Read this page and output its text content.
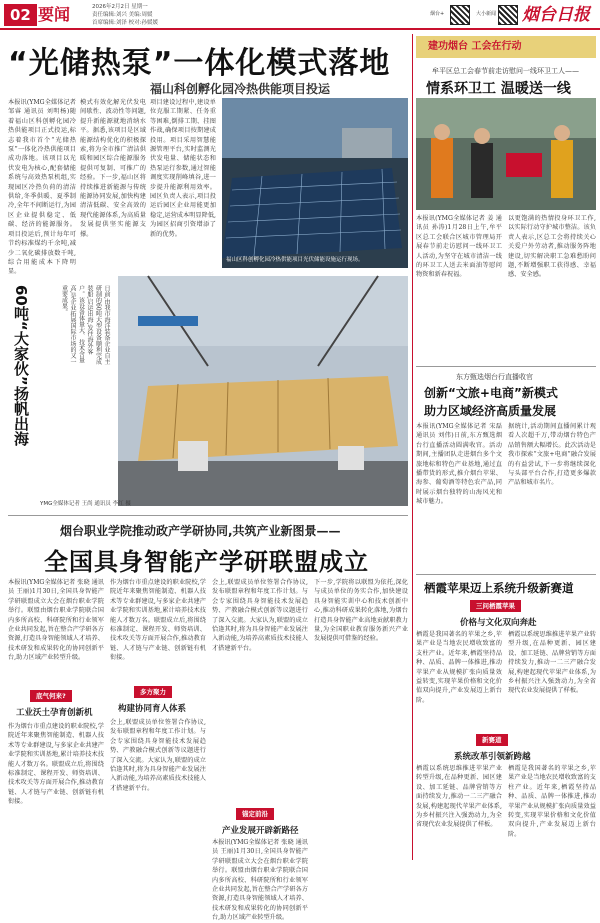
02 要闻	2026年2月2日 星期一
责任编辑:刘兴 美编:周媛
首席编辑:刘泽 校对:孙媛媛
烟台+	大小新闻 烟台日报
“光储热泵”一体化模式落地
福山科创孵化园冷热供能项目投运
本报讯(YMG全媒体记者 邹睿 通讯员 刘明杨)随着福山区科创孵化园冷热供能项目正式投运,标志着我市首个“光储热泵”一体化冷热供能项目成功落地。该项目以光伏发电为核心,配套储能系统与高效热泵机组,实现园区冷热负荷的清洁供给,冬季供暖、夏季制冷,全年不间断运行,为园区企业提供稳定、低碳、经济的能源服务。项目投运后,预计每年可节约标准煤约千余吨,减少二氧化碳排放数千吨,综合用能成本下降明显。
模式有效化解光伏发电间歇性、波动性等问题,提升新能源就地消纳水平。据悉,该项目是区域能源结构优化的积极探索,将为全市推广清洁供暖和园区综合能源服务提供可复制、可推广的经验。下一步,福山区将持续推进新能源与传统能源协同发展,加快构建清洁低碳、安全高效的现代能源体系,为高质量发展提供坚实能源支撑。
项目建设过程中,建设单位克服工期紧、任务重等困难,倒排工期、挂图作战,确保项目按期建成投用。项目采用智慧能源管理平台,实时监测光伏发电量、储能状态和热泵运行参数,通过智能调度实现削峰填谷,进一步提升能源利用效率。园区负责人表示,项目投运后园区企业用能更加稳定,运营成本明显降低,为园区招商引资增添了新的优势。
福山区科创孵化园冷热供能项目光伏储能设施运行现场。
60吨“大家伙”扬帆出海	日前,由我市海洋装备企业自主研制的60吨大型设备顺利完成装船,启运出海,发往海外客户。该设备体量大、技术含量高,是企业拓展国际市场的又一重要成果。
YMG全媒体记者 王尚 通讯员 李红 摄
烟台职业学院推动政产学研协同,共筑产业新图景——
全国具身智能产学研联盟成立
本报讯(YMG全媒体记者 张晓 通讯员 王丽)1月30日,全国具身智能产学研联盟成立大会在烟台职业学院举行。联盟由烟台职业学院联合国内多所高校、科研院所和行业领军企业共同发起,旨在整合产学研各方资源,打造具身智能领域人才培养、技术研发和成果转化的协同创新平台,助力区域产业转型升级。
底气何来?
工业沃土孕育创新机
作为烟台市重点建设的职业院校,学院近年来聚焦智能制造、机器人技术等专业群建设,与多家企业共建产业学院和实训基地,累计培养技术技能人才数万名。联盟成立后,将围绕标准制定、课程开发、师资培训、技术攻关等方面开展合作,推动教育链、人才链与产业链、创新链有机衔接。
作为烟台市重点建设的职业院校,学院近年来聚焦智能制造、机器人技术等专业群建设,与多家企业共建产业学院和实训基地,累计培养技术技能人才数万名。联盟成立后,将围绕标准制定、课程开发、师资培训、技术攻关等方面开展合作,推动教育链、人才链与产业链、创新链有机衔接。
多方聚力
构建协同育人体系
会上,联盟成员单位签署合作协议,发布联盟章程和年度工作计划。与会专家围绕具身智能技术发展趋势、产教融合模式创新等议题进行了深入交流。大家认为,联盟的成立恰逢其时,将为具身智能产业发展注入新动能,为培养高素质技术技能人才搭建新平台。
会上,联盟成员单位签署合作协议,发布联盟章程和年度工作计划。与会专家围绕具身智能技术发展趋势、产教融合模式创新等议题进行了深入交流。大家认为,联盟的成立恰逢其时,将为具身智能产业发展注入新动能,为培养高素质技术技能人才搭建新平台。
锚定前沿
产业发展开辟新路径
本报讯(YMG全媒体记者 张晓 通讯员 王丽)1月30日,全国具身智能产学研联盟成立大会在烟台职业学院举行。联盟由烟台职业学院联合国内多所高校、科研院所和行业领军企业共同发起,旨在整合产学研各方资源,打造具身智能领域人才培养、技术研发和成果转化的协同创新平台,助力区域产业转型升级。
下一步,学院将以联盟为依托,深化与成员单位的务实合作,加快建设具身智能实训中心和技术创新中心,推动科研成果转化落地,为烟台打造具身智能产业高地贡献职教力量,为全国职业教育服务新兴产业发展提供可借鉴的经验。
建功烟台 工会在行动
牟平区总工会春节前走访慰问一线环卫工人——
情系环卫工 温暖送一线
本报讯(YMG全媒体记者 姜 通讯员 孙涛)1月28日上午,牟平区总工会联合区城市管理局开展春节前走访慰问一线环卫工人活动,为坚守在城市清洁一线的环卫工人送去米面油等慰问物资和新春祝福。
以更饱满的热情投身环卫工作,以实际行动守护城市整洁。该负责人表示,区总工会将持续关心关爱户外劳动者,推动服务阵地建设,切实解决职工急难愁盼问题,不断增强职工获得感、幸福感、安全感。
东方甄选烟台行直播收官
创新“文旅+电商”新模式
助力区域经济高质量发展
本报讯(YMG全媒体记者 宋磊 通讯员 刘伟)日前,东方甄选烟台行直播活动圆满收官。活动期间,主播团队走进烟台多个文旅地标和特色产业基地,通过直播带货的形式,推介烟台苹果、海参、葡萄酒等特色农产品,同时展示烟台独特的山海风光和城市魅力。
据统计,活动期间直播间累计观看人次超千万,带动烟台特色产品销售额大幅增长。此次活动是我市探索“文旅+电商”融合发展的有益尝试,下一步将继续深化与头部平台合作,打造更多爆款产品和城市名片。
栖霞苹果迈上系统升级新赛道
三问栖霞苹果
价格与文化双向奔赴
栖霞是我国著名的苹果之乡,苹果产业是当地农民增收致富的支柱产业。近年来,栖霞坚持品种、品质、品牌一体推进,推动苹果产业从规模扩张向质量效益转变,实现苹果价格和文化价值双向提升,产业发展迈上新台阶。
栖霞以系统思维推进苹果产业转型升级,在品种更新、园区建设、加工延链、品牌营销等方面持续发力,推动一二三产融合发展,构建起现代苹果产业体系,为乡村振兴注入强劲动力,为全省现代农业发展提供了样板。
新赛道
系统改革引领新跨越
栖霞以系统思维推进苹果产业转型升级,在品种更新、园区建设、加工延链、品牌营销等方面持续发力,推动一二三产融合发展,构建起现代苹果产业体系,为乡村振兴注入强劲动力,为全省现代农业发展提供了样板。
栖霞是我国著名的苹果之乡,苹果产业是当地农民增收致富的支柱产业。近年来,栖霞坚持品种、品质、品牌一体推进,推动苹果产业从规模扩张向质量效益转变,实现苹果价格和文化价值双向提升,产业发展迈上新台阶。
